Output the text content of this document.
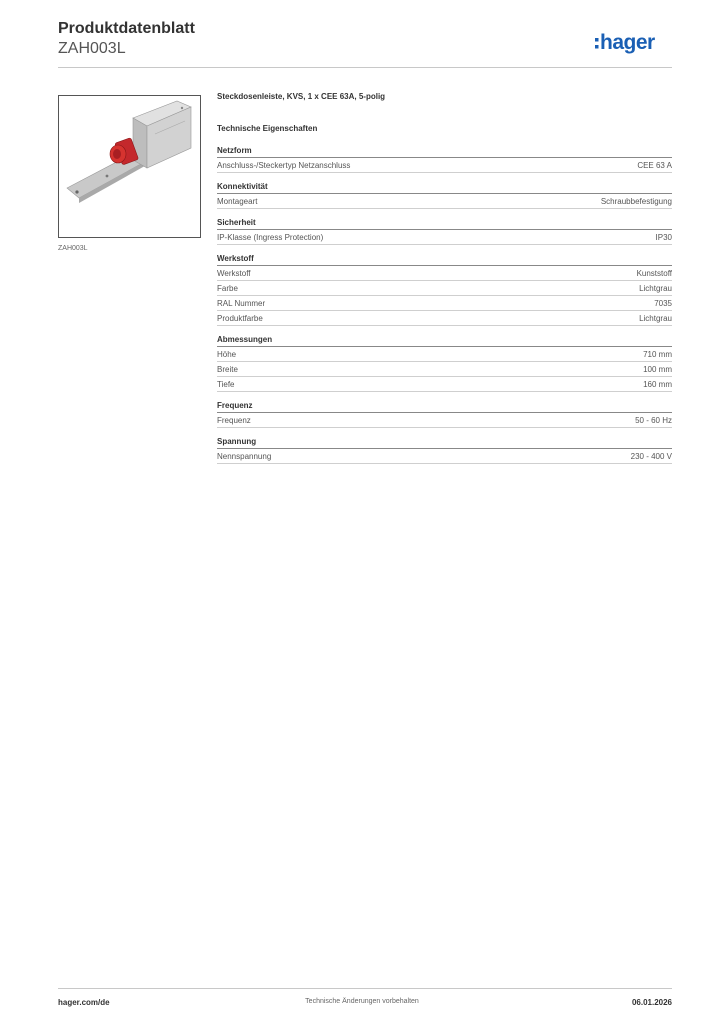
Produktdatenblatt
ZAH003L	hager
ZAH003L
Steckdosenleiste, KVS, 1 x CEE 63A, 5-polig
Technische Eigenschaften
Netzform
Anschluss-/Steckertyp Netzanschluss	CEE 63 A
Konnektivität
Montageart	Schraubbefestigung
Sicherheit
IP-Klasse (Ingress Protection)	IP30
Werkstoff
Werkstoff	Kunststoff
Farbe	Lichtgrau
RAL Nummer	7035
Produktfarbe	Lichtgrau
Abmessungen
Höhe	710 mm
Breite	100 mm
Tiefe	160 mm
Frequenz
Frequenz	50 - 60 Hz
Spannung
Nennspannung	230 - 400 V
hager.com/de	Technische Änderungen vorbehalten	06.01.2026
